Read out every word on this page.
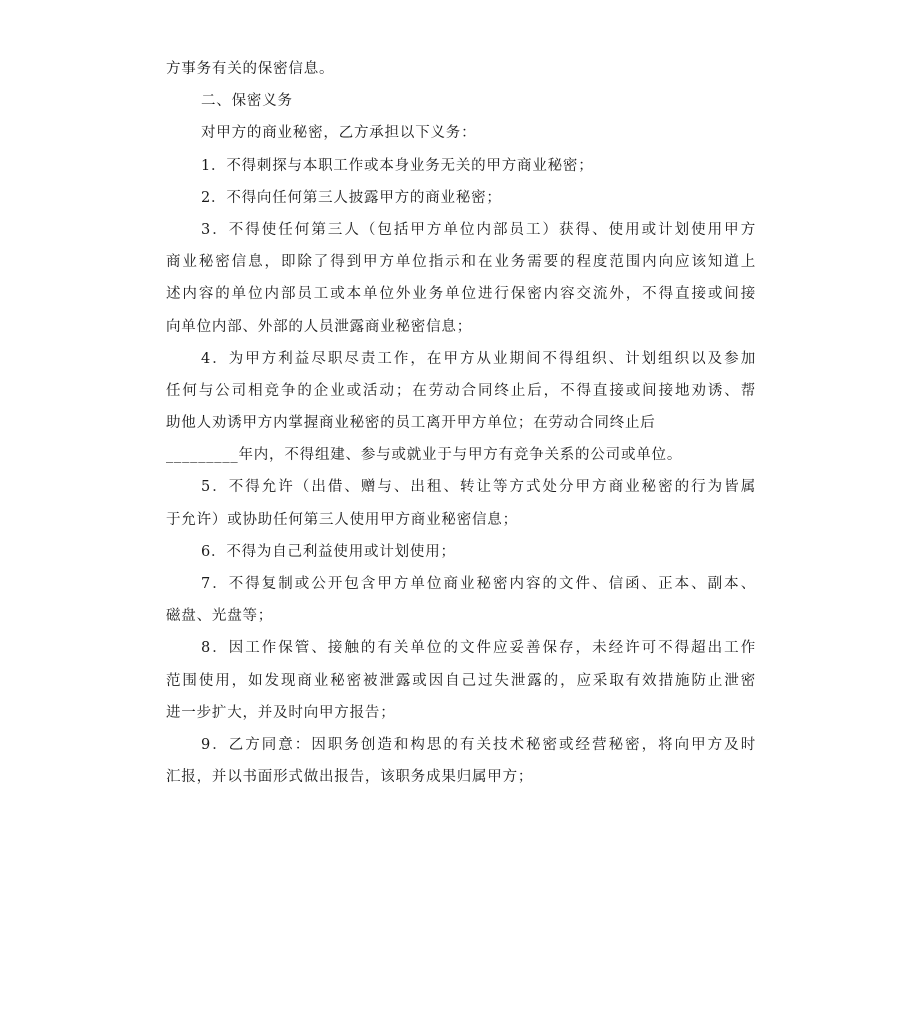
方事务有关的保密信息。
二、保密义务
对甲方的商业秘密，乙方承担以下义务：
1．不得刺探与本职工作或本身业务无关的甲方商业秘密；
2．不得向任何第三人披露甲方的商业秘密；
3．不得使任何第三人（包括甲方单位内部员工）获得、使用或计划使用甲方
商业秘密信息，即除了得到甲方单位指示和在业务需要的程度范围内向应该知道上
述内容的单位内部员工或本单位外业务单位进行保密内容交流外，不得直接或间接
向单位内部、外部的人员泄露商业秘密信息；
4．为甲方利益尽职尽责工作，在甲方从业期间不得组织、计划组织以及参加
任何与公司相竞争的企业或活动；在劳动合同终止后，不得直接或间接地劝诱、帮
助他人劝诱甲方内掌握商业秘密的员工离开甲方单位；在劳动合同终止后
_________年内，不得组建、参与或就业于与甲方有竞争关系的公司或单位。
5．不得允许（出借、赠与、出租、转让等方式处分甲方商业秘密的行为皆属
于允许）或协助任何第三人使用甲方商业秘密信息；
6．不得为自己利益使用或计划使用；
7．不得复制或公开包含甲方单位商业秘密内容的文件、信函、正本、副本、
磁盘、光盘等；
8．因工作保管、接触的有关单位的文件应妥善保存，未经许可不得超出工作
范围使用，如发现商业秘密被泄露或因自己过失泄露的，应采取有效措施防止泄密
进一步扩大，并及时向甲方报告；
9．乙方同意：因职务创造和构思的有关技术秘密或经营秘密，将向甲方及时
汇报，并以书面形式做出报告，该职务成果归属甲方；
